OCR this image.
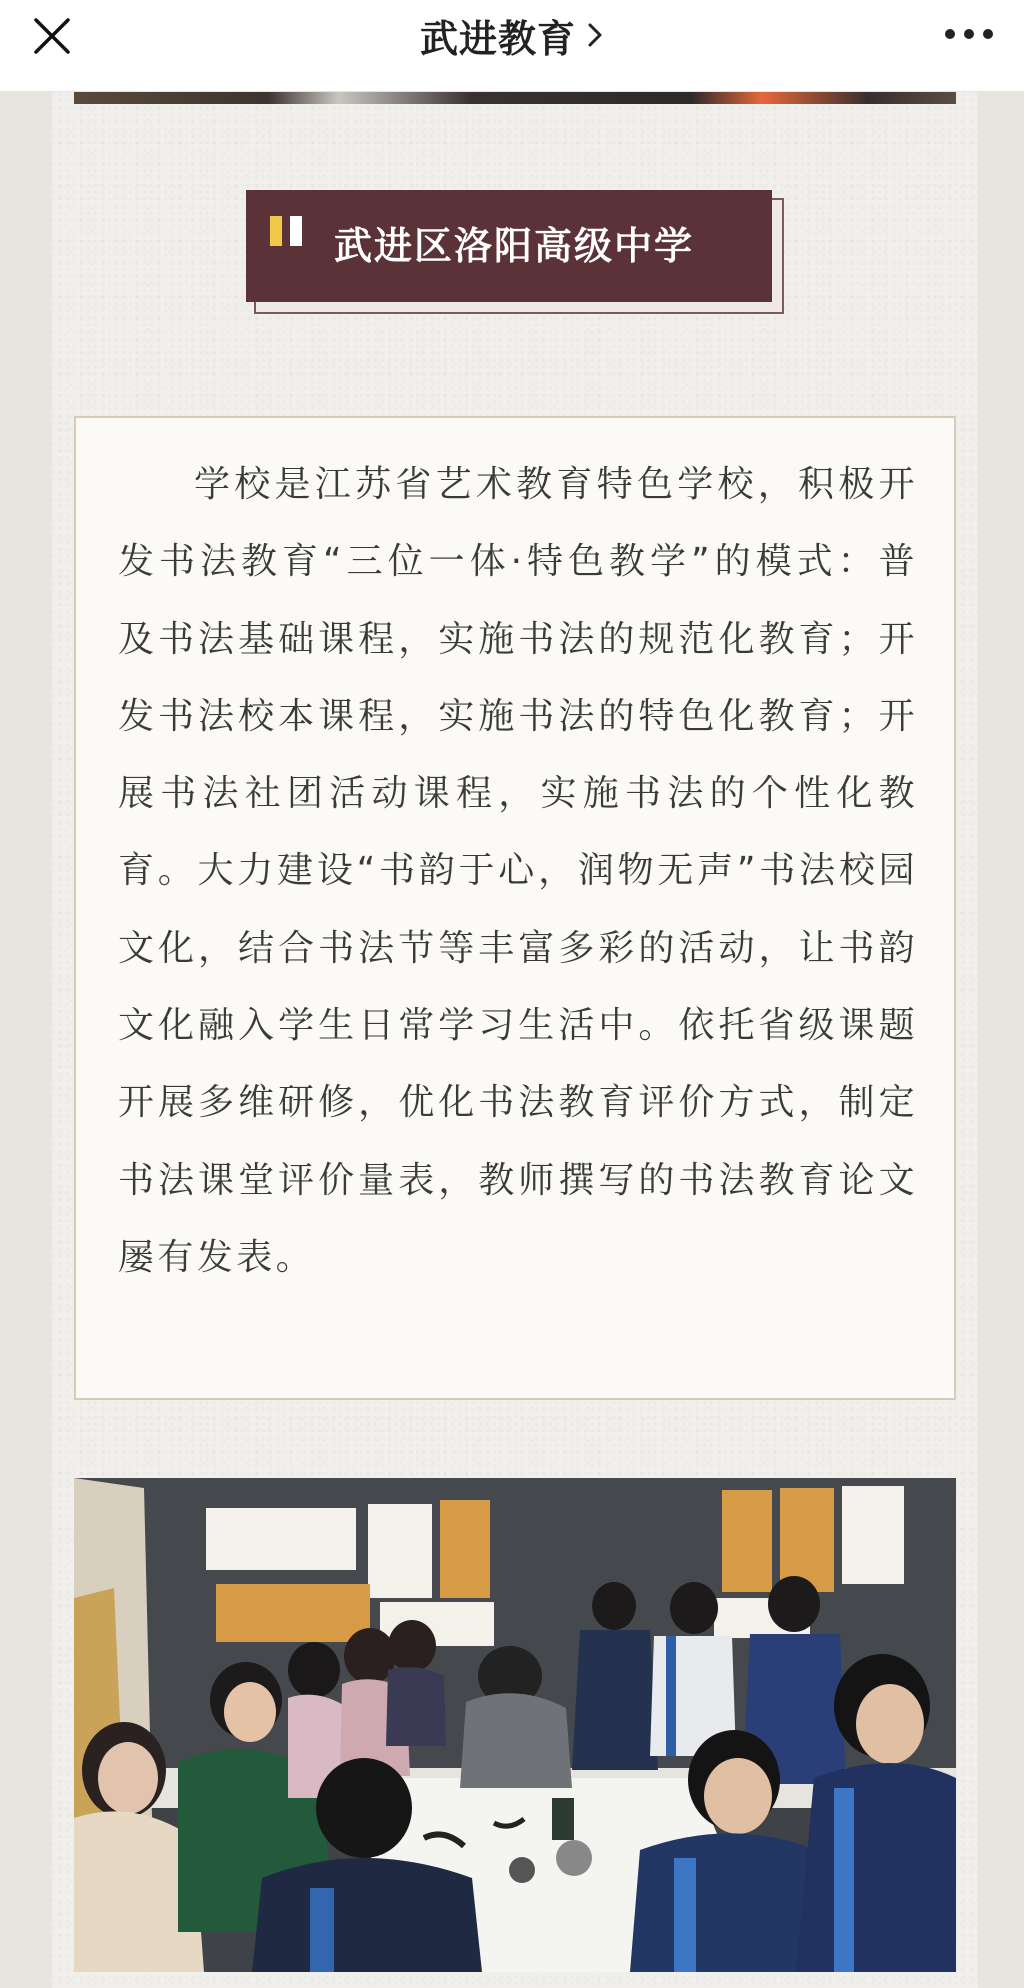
武进教育
武进区洛阳高级中学

学校是江苏省艺术教育特色学校，积极开发书法教育“三位一体·特色教学”的模式：普及书法基础课程，实施书法的规范化教育；开发书法校本课程，实施书法的特色化教育；开展书法社团活动课程，实施书法的个性化教育。大力建设“书韵于心，润物无声”书法校园文化，结合书法节等丰富多彩的活动，让书韵文化融入学生日常学习生活中。依托省级课题开展多维研修，优化书法教育评价方式，制定书法课堂评价量表，教师撰写的书法教育论文屡有发表。
